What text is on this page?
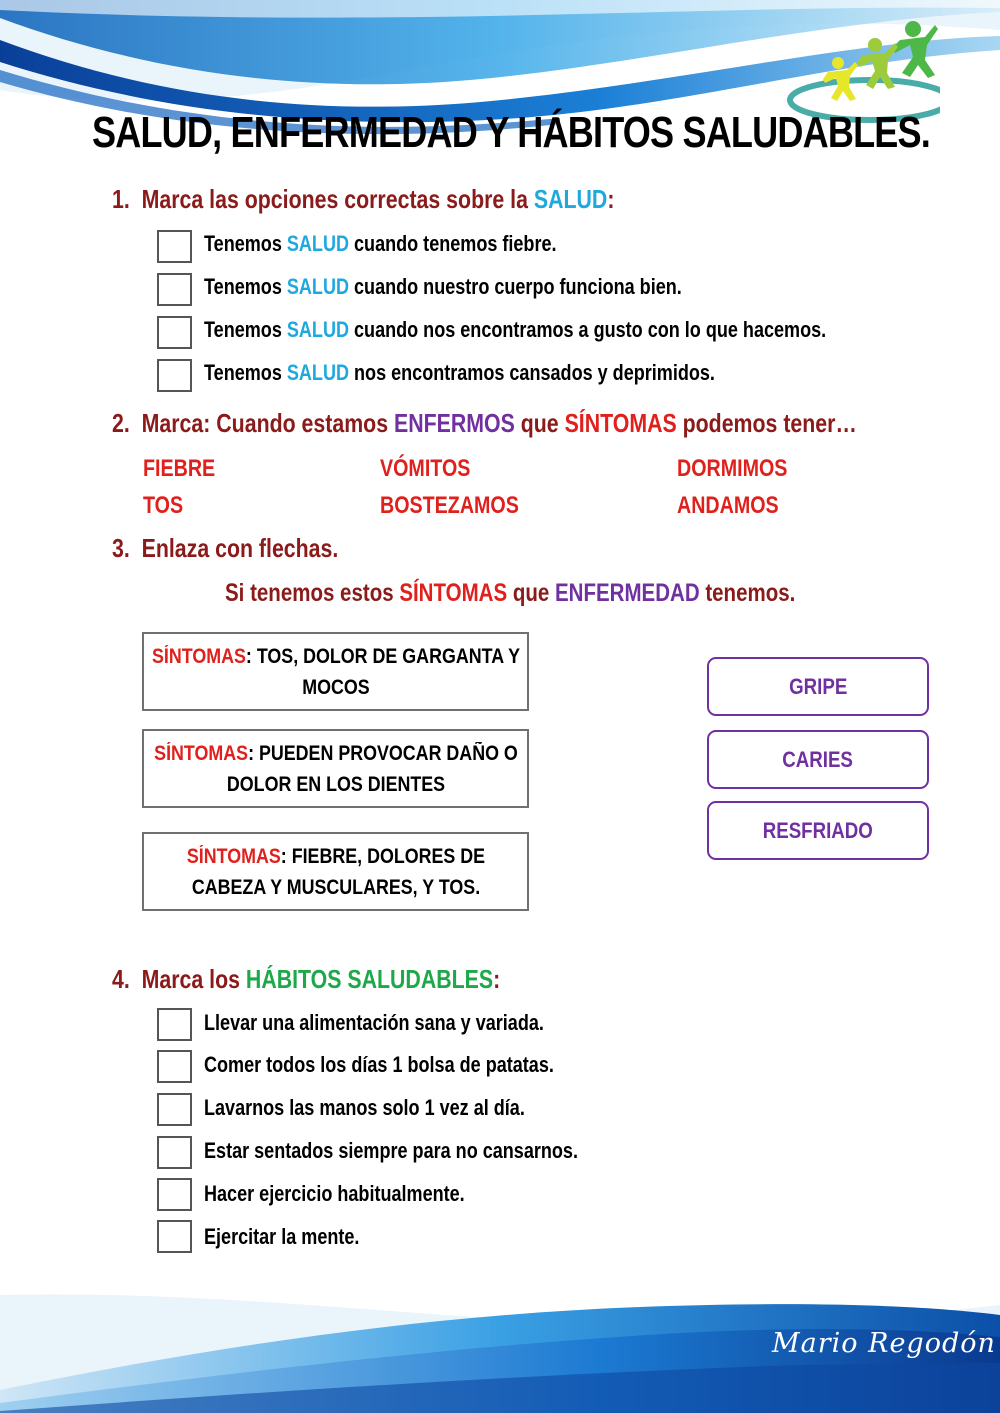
SALUD, ENFERMEDAD Y HÁBITOS SALUDABLES.
1. Marca las opciones correctas sobre la SALUD:
Tenemos SALUD cuando tenemos fiebre.
Tenemos SALUD cuando nuestro cuerpo funciona bien.
Tenemos SALUD cuando nos encontramos a gusto con lo que hacemos.
Tenemos SALUD nos encontramos cansados y deprimidos.
2. Marca: Cuando estamos ENFERMOS que SÍNTOMAS podemos tener…
FIEBRE	VÓMITOS	DORMIMOS
TOS	BOSTEZAMOS	ANDAMOS
3. Enlaza con flechas.
Si tenemos estos SÍNTOMAS que ENFERMEDAD tenemos.
SÍNTOMAS: TOS, DOLOR DE GARGANTA Y MOCOS
SÍNTOMAS: PUEDEN PROVOCAR DAÑO O DOLOR EN LOS DIENTES
SÍNTOMAS: FIEBRE, DOLORES DE CABEZA Y MUSCULARES, Y TOS.
GRIPE
CARIES
RESFRIADO
4. Marca los HÁBITOS SALUDABLES:
Llevar una alimentación sana y variada.
Comer todos los días 1 bolsa de patatas.
Lavarnos las manos solo 1 vez al día.
Estar sentados siempre para no cansarnos.
Hacer ejercicio habitualmente.
Ejercitar la mente.
Mario Regodón
